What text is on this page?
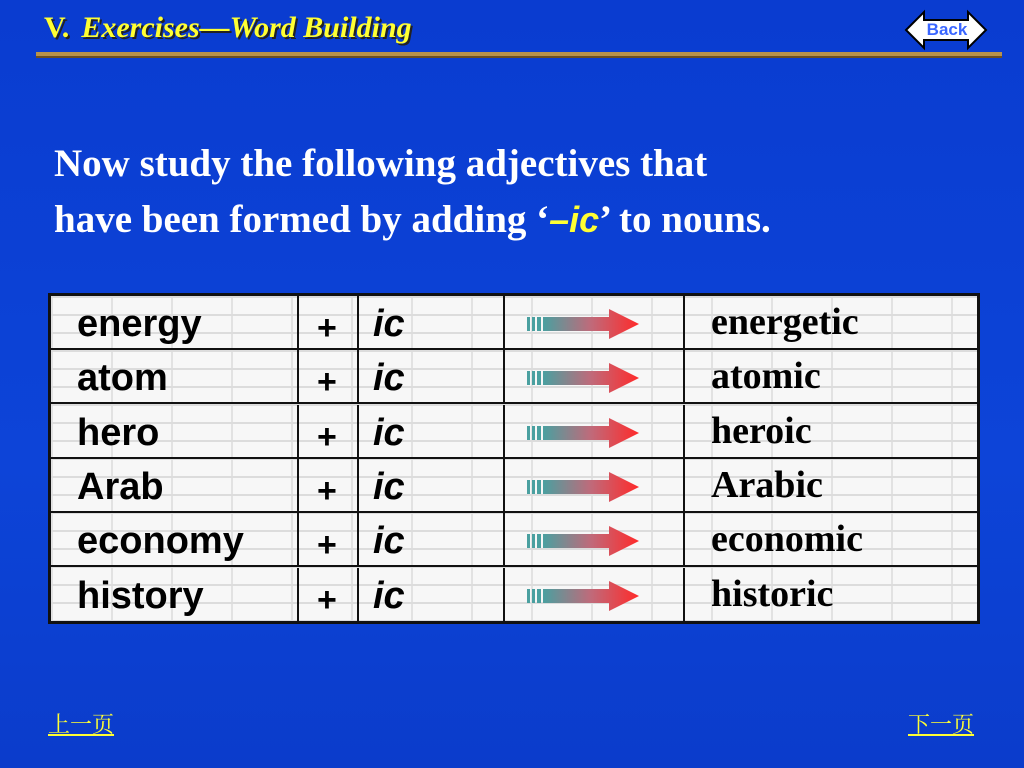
V. Exercises—Word Building	Back
Now study the following adjectives that
have been formed by adding ‘–ic’ to nouns.
energy	+ ic	energetic
atom	+ ic	atomic
hero	+ ic	heroic
Arab	+ ic	Arabic
economy + ic	economic
history	+ ic	historic
上一页	下一页
